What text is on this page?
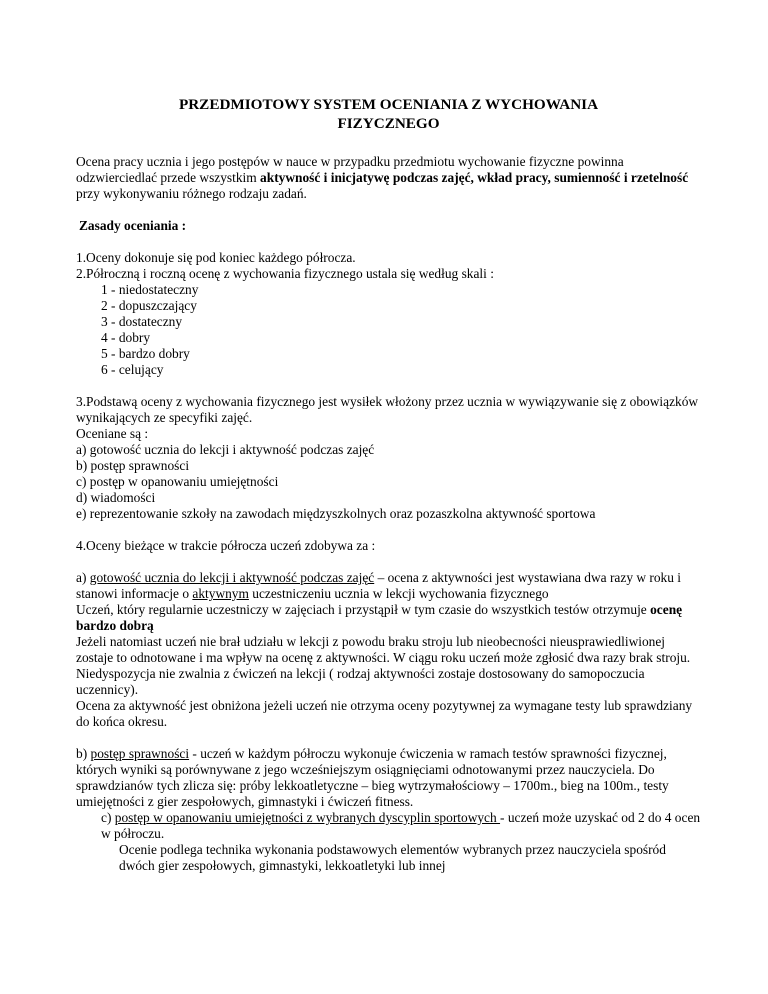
PRZEDMIOTOWY SYSTEM OCENIANIA Z WYCHOWANIA
FIZYCZNEGO

Ocena pracy ucznia i jego postępów w nauce w przypadku przedmiotu wychowanie fizyczne powinna odzwierciedlać przede wszystkim aktywność i inicjatywę podczas zajęć, wkład pracy, sumienność i rzetelność przy wykonywaniu różnego rodzaju zadań.

Zasady oceniania :

1.Oceny dokonuje się pod koniec każdego półrocza.

2.Półroczną i roczną ocenę z wychowania fizycznego ustala się według skali :

1 - niedostateczny
2 - dopuszczający
3 - dostateczny
4 - dobry
5 - bardzo dobry
6 - celujący

3.Podstawą oceny z wychowania fizycznego jest wysiłek włożony przez ucznia w wywiązywanie się z obowiązków wynikających ze specyfiki zajęć.

Oceniane są :

a) gotowość ucznia do lekcji i aktywność podczas zajęć
b) postęp sprawności
c) postęp w opanowaniu umiejętności
d) wiadomości
e) reprezentowanie szkoły na zawodach międzyszkolnych oraz pozaszkolna aktywność sportowa

4.Oceny bieżące w trakcie półrocza uczeń zdobywa za :

a) gotowość ucznia do lekcji i aktywność podczas zajęć – ocena z aktywności jest wystawiana dwa razy w roku i stanowi informacje o aktywnym uczestniczeniu ucznia w lekcji wychowania fizycznego

Uczeń, który regularnie uczestniczy w zajęciach i przystąpił w tym czasie do wszystkich testów otrzymuje ocenę bardzo dobrą

Jeżeli natomiast uczeń nie brał udziału w lekcji z powodu braku stroju lub nieobecności nieusprawiedliwionej zostaje to odnotowane i ma wpływ na ocenę z aktywności. W ciągu roku uczeń może zgłosić dwa razy brak stroju. Niedyspozycja nie zwalnia z ćwiczeń na lekcji ( rodzaj aktywności zostaje dostosowany do samopoczucia uczennicy).

Ocena za aktywność jest obniżona jeżeli uczeń nie otrzyma oceny pozytywnej za wymagane testy lub sprawdziany do końca okresu.

b) postęp sprawności - uczeń w każdym półroczu wykonuje ćwiczenia w ramach testów sprawności fizycznej, których wyniki są porównywane z jego wcześniejszym osiągnięciami odnotowanymi przez nauczyciela. Do sprawdzianów tych zlicza się: próby lekkoatletyczne – bieg wytrzymałościowy – 1700m., bieg na 100m., testy umiejętności z gier zespołowych, gimnastyki i ćwiczeń fitness.

c) postęp w opanowaniu umiejętności z wybranych dyscyplin sportowych - uczeń może uzyskać od 2 do 4 ocen w półroczu.

Ocenie podlega technika wykonania podstawowych elementów wybranych przez nauczyciela spośród dwóch gier zespołowych, gimnastyki, lekkoatletyki lub innej
